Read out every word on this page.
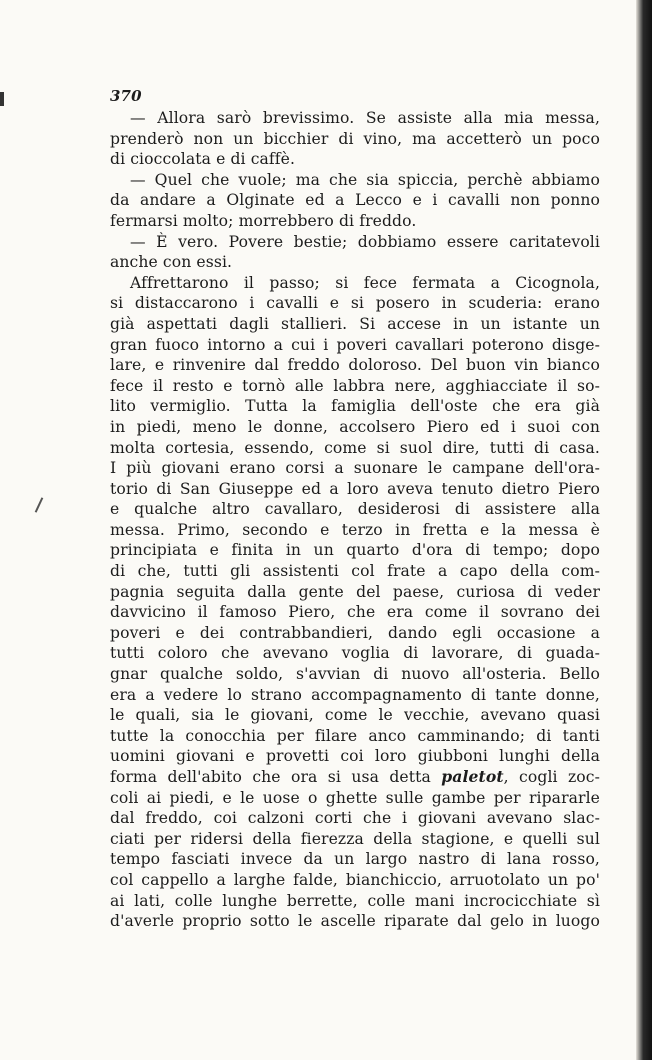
370
— Allora sarò brevissimo. Se assiste alla mia messa,
prenderò non un bicchier di vino, ma accetterò un poco
di cioccolata e di caffè.
— Quel che vuole; ma che sia spiccia, perchè abbiamo
da andare a Olginate ed a Lecco e i cavalli non ponno
fermarsi molto; morrebbero di freddo.
— È vero. Povere bestie; dobbiamo essere caritatevoli
anche con essi.
Affrettarono il passo; si fece fermata a Cicognola,
si distaccarono i cavalli e si posero in scuderia: erano
già aspettati dagli stallieri. Si accese in un istante un
gran fuoco intorno a cui i poveri cavallari poterono disge-
lare, e rinvenire dal freddo doloroso. Del buon vin bianco
fece il resto e tornò alle labbra nere, agghiacciate il so-
lito vermiglio. Tutta la famiglia dell'oste che era già
in piedi, meno le donne, accolsero Piero ed i suoi con
molta cortesia, essendo, come si suol dire, tutti di casa.
I più giovani erano corsi a suonare le campane dell'ora-
torio di San Giuseppe ed a loro aveva tenuto dietro Piero
e qualche altro cavallaro, desiderosi di assistere alla
messa. Primo, secondo e terzo in fretta e la messa è
principiata e finita in un quarto d'ora di tempo; dopo
di che, tutti gli assistenti col frate a capo della com-
pagnia seguita dalla gente del paese, curiosa di veder
davvicino il famoso Piero, che era come il sovrano dei
poveri e dei contrabbandieri, dando egli occasione a
tutti coloro che avevano voglia di lavorare, di guada-
gnar qualche soldo, s'avvian di nuovo all'osteria. Bello
era a vedere lo strano accompagnamento di tante donne,
le quali, sia le giovani, come le vecchie, avevano quasi
tutte la conocchia per filare anco camminando; di tanti
uomini giovani e provetti coi loro giubboni lunghi della
forma dell'abito che ora si usa detta paletot, cogli zoc-
coli ai piedi, e le uose o ghette sulle gambe per ripararle
dal freddo, coi calzoni corti che i giovani avevano slac-
ciati per ridersi della fierezza della stagione, e quelli sul
tempo fasciati invece da un largo nastro di lana rosso,
col cappello a larghe falde, bianchiccio, arruotolato un po'
ai lati, colle lunghe berrette, colle mani incrocicchiate sì
d'averle proprio sotto le ascelle riparate dal gelo in luogo
